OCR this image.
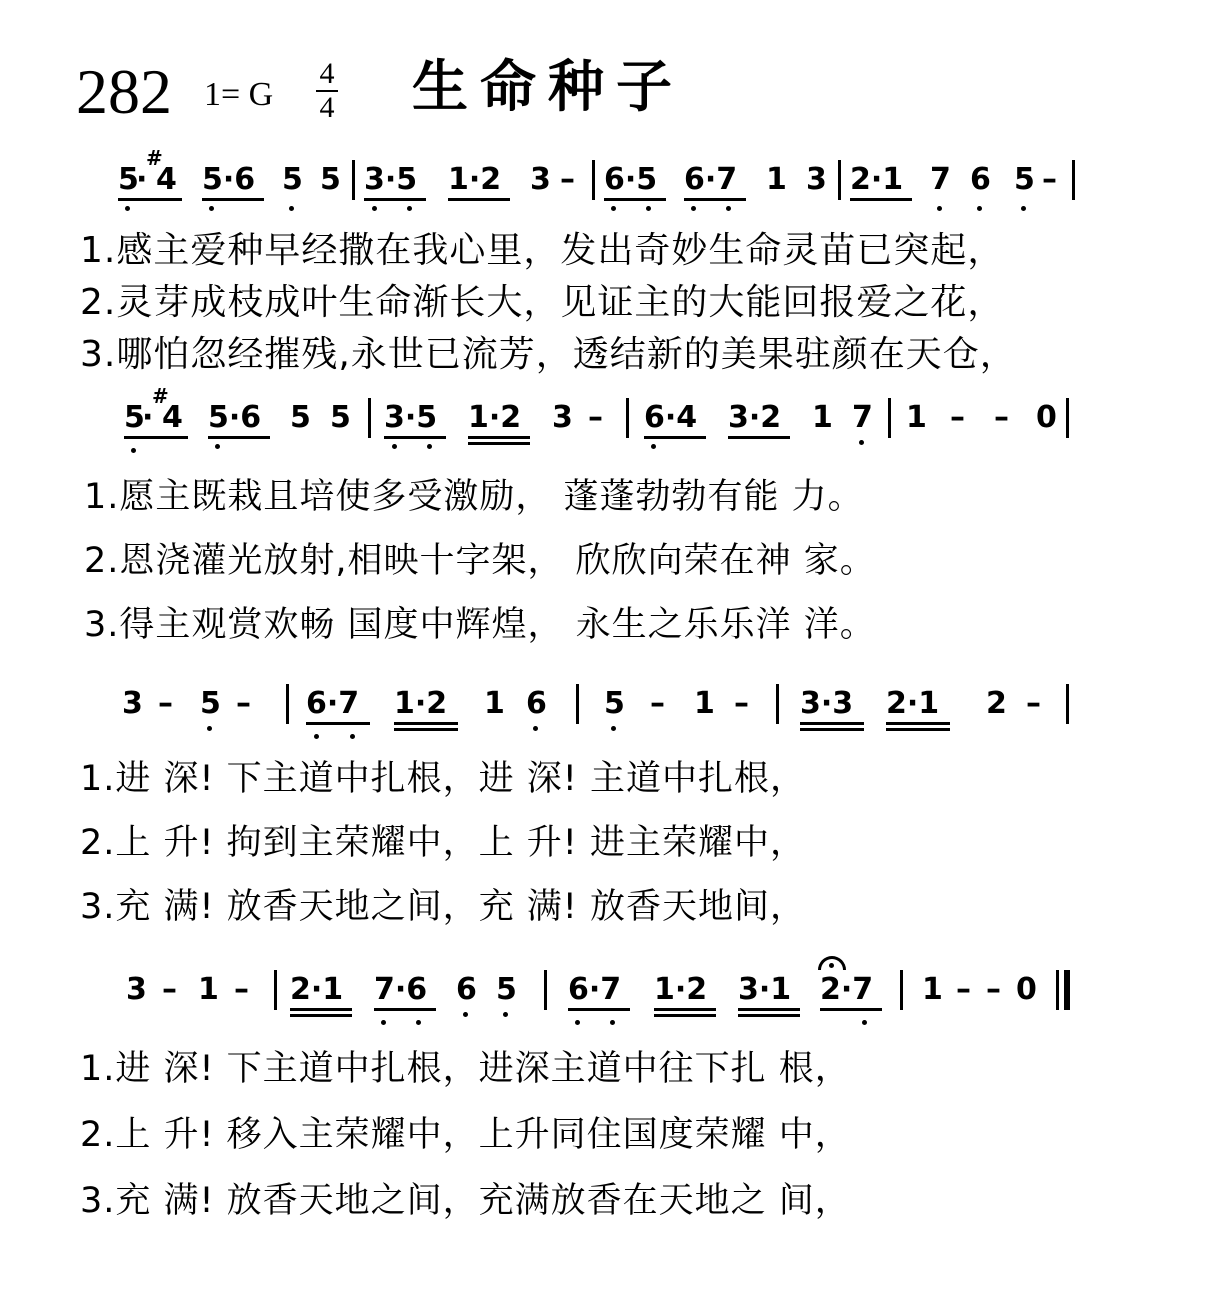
282 1= G
4
4 生命种子
5
· 4
#
5·6 5 5 3·5 1·2 3 – 6·5 6·7 1 3 2·1 7 6 5 –
1.感主爱种早经撒在我心里，发出奇妙生命灵苗已突起，
2.灵芽成枝成叶生命渐长大，见证主的大能回报爱之花，
3.哪怕忽经摧残,永世已流芳，透结新的美果驻颜在天仓，
5
· 4
#
5·6 5 5 3·5 1·2 3 – 6·4 3·2 1 7 1 – – 0
1.愿主既栽且培使多受激励， 蓬蓬勃勃有能 力。
2.恩浇灌光放射,相映十字架， 欣欣向荣在神 家。
3.得主观赏欢畅 国度中辉煌， 永生之乐乐洋 洋。
3 – 5 – 6·7 1·2 1 6 5 – 1 – 3·3 2·1 2 –
1.进 深! 下主道中扎根，进 深! 主道中扎根，
2.上 升! 拘到主荣耀中，上 升! 进主荣耀中，
3.充 满! 放香天地之间，充 满! 放香天地间，
3 – 1 – 2·1 7·6 6 5 6·7 1·2 3·1 2·7 1 – – 0
1.进 深! 下主道中扎根，进深主道中往下扎 根，
2.上 升! 移入主荣耀中，上升同住国度荣耀 中，
3.充 满! 放香天地之间，充满放香在天地之 间，
